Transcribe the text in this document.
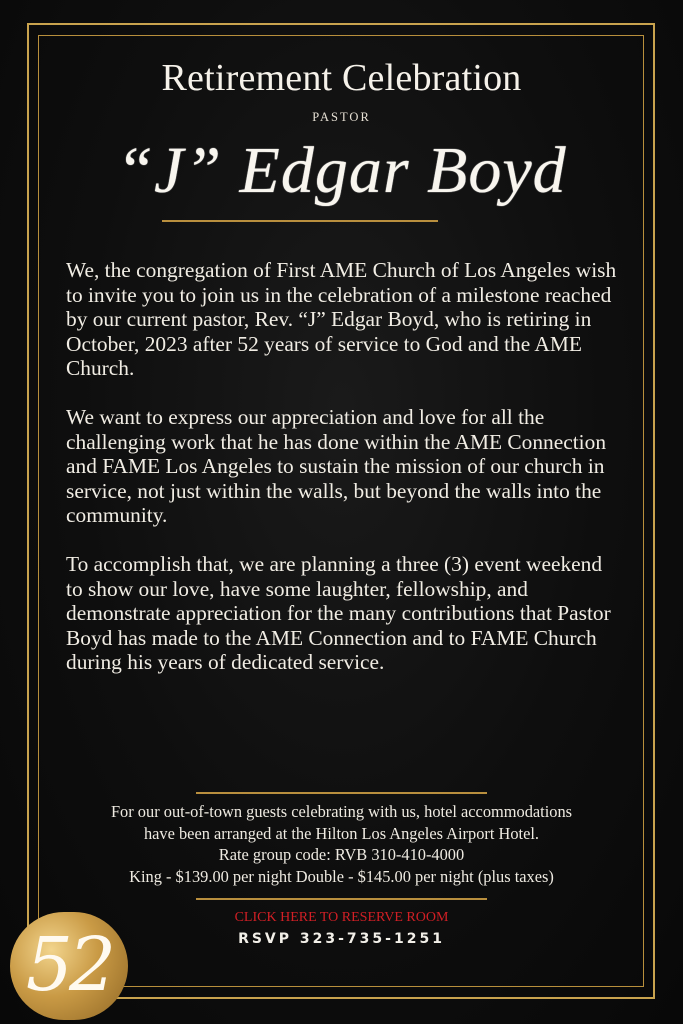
Retirement Celebration
PASTOR
“J” Edgar Boyd

We, the congregation of First AME Church of Los Angeles wish to invite you to join us in the celebration of a milestone reached by our current pastor, Rev. “J” Edgar Boyd, who is retiring in October, 2023 after 52 years of service to God and the AME Church.

We want to express our appreciation and love for all the challenging work that he has done within the AME Connection and FAME Los Angeles to sustain the mission of our church in service, not just within the walls, but beyond the walls into the community.

To accomplish that, we are planning a three (3) event weekend to show our love, have some laughter, fellowship, and demonstrate appreciation for the many contributions that Pastor Boyd has made to the AME Connection and to FAME Church during his years of dedicated service.

For our out-of-town guests celebrating with us, hotel accommodations
have been arranged at the Hilton Los Angeles Airport Hotel.
Rate group code: RVB 310-410-4000
King - $139.00 per night Double - $145.00 per night (plus taxes)
CLICK HERE TO RESERVE ROOM
RSVP 323-735-1251
52
